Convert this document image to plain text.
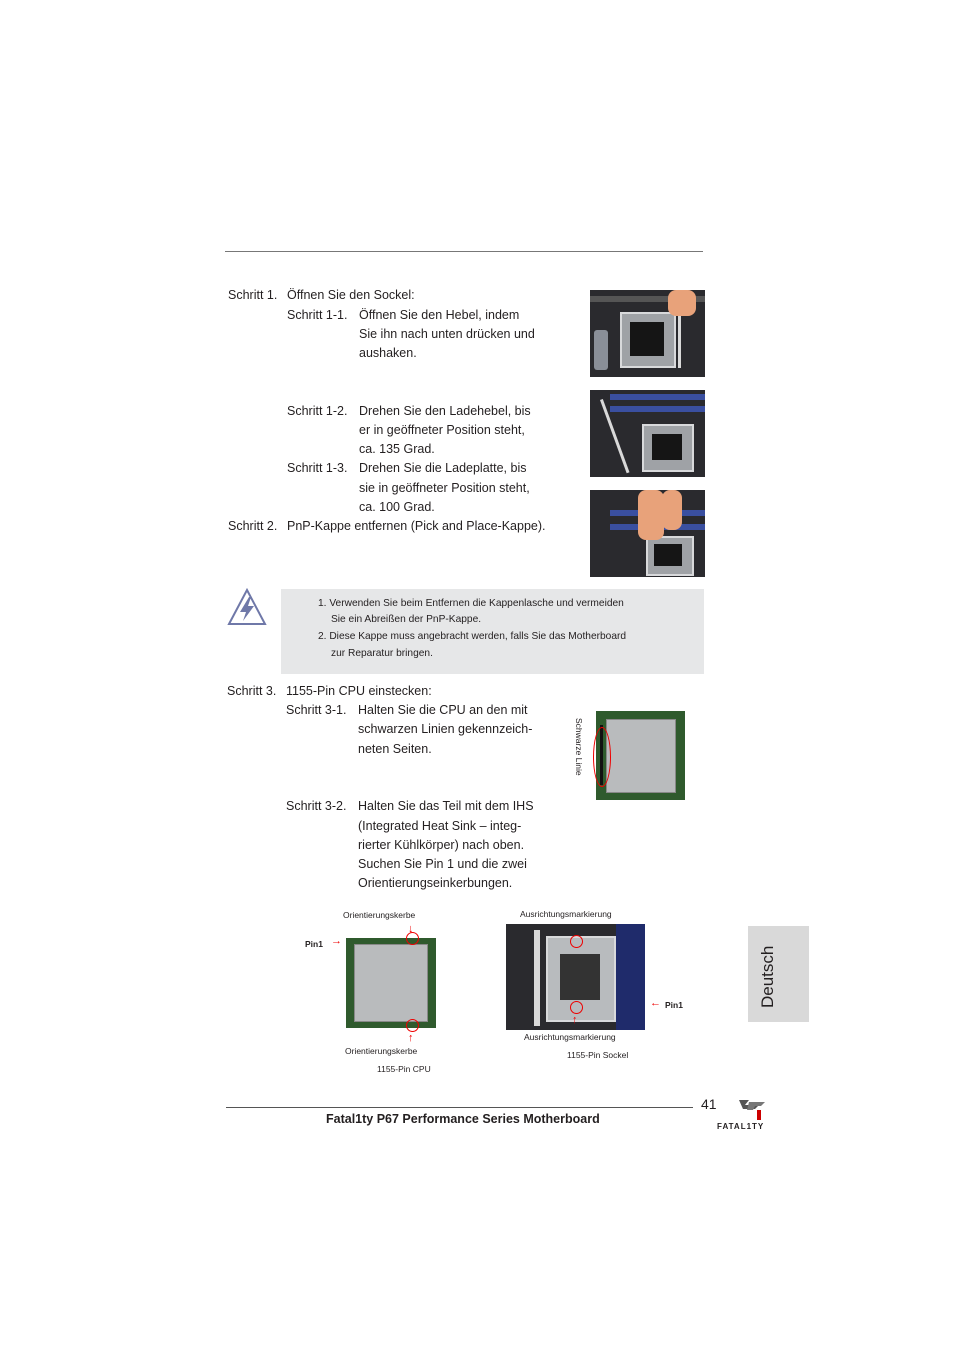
Schritt 1. Öffnen Sie den Sockel:
Schritt 1-1. Öffnen Sie den Hebel, indem
Sie ihn nach unten drücken und
aushaken.
Schritt 1-2. Drehen Sie den Ladehebel, bis
er in geöffneter Position steht,
ca. 135 Grad.
Schritt 1-3. Drehen Sie die Ladeplatte, bis
sie in geöffneter Position steht,
ca. 100 Grad.
Schritt 2. PnP-Kappe entfernen (Pick and Place-Kappe).
1. Verwenden Sie beim Entfernen die Kappenlasche und vermeiden
Sie ein Abreißen der PnP-Kappe.
2. Diese Kappe muss angebracht werden, falls Sie das Motherboard
zur Reparatur bringen.
Schritt 3. 1155-Pin CPU einstecken:
Schritt 3-1. Halten Sie die CPU an den mit
schwarzen Linien gekennzeich-
neten Seiten.
Schritt 3-2. Halten Sie das Teil mit dem IHS
(Integrated Heat Sink – integ-
rierter Kühlkörper) nach oben.
Suchen Sie Pin 1 und die zwei
Orientierungseinkerbungen.
Schwarze Linie
Orientierungskerbe
↓
Pin1 →
↑
Orientierungskerbe
1155-Pin CPU
Ausrichtungsmarkierung
← Pin1
↑
Ausrichtungsmarkierung
1155-Pin Sockel
Deutsch
41
Fatal1ty P67 Performance Series Motherboard
FATAL1TY
